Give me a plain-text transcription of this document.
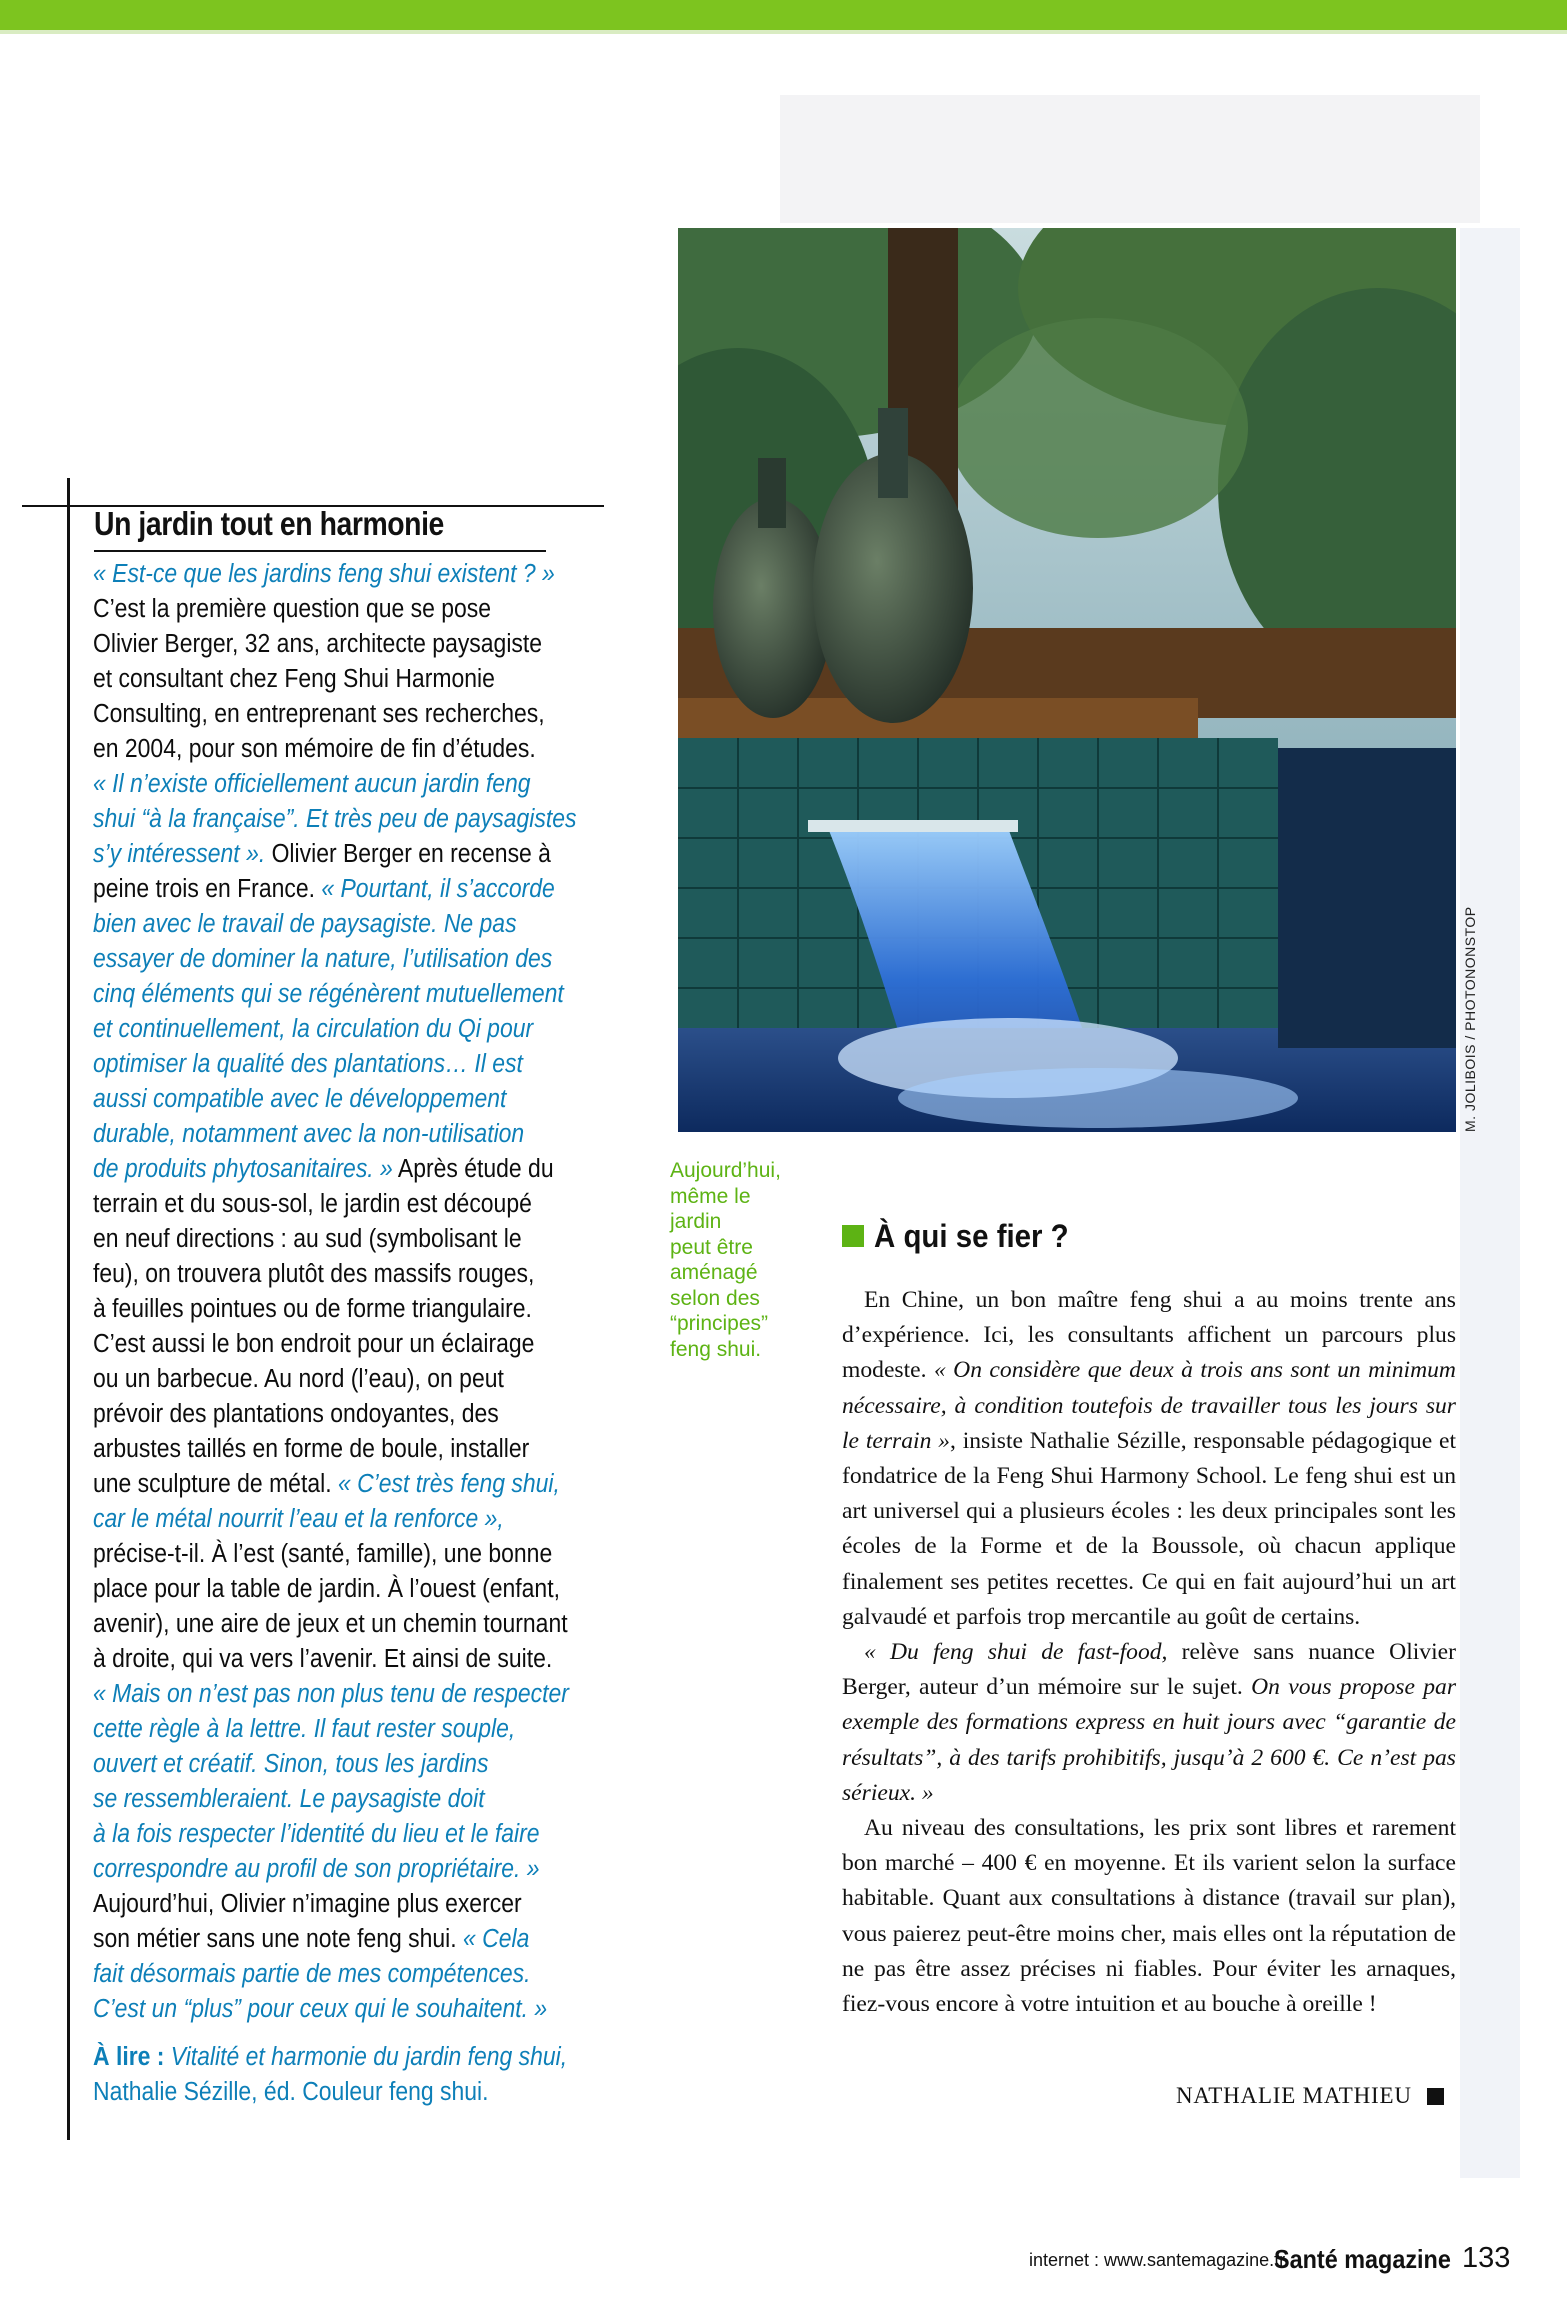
Un jardin tout en harmonie
« Est-ce que les jardins feng shui existent ? »
C’est la première question que se pose
Olivier Berger, 32 ans, architecte paysagiste
et consultant chez Feng Shui Harmonie
Consulting, en entreprenant ses recherches,
en 2004, pour son mémoire de fin d’études.
« Il n’existe officiellement aucun jardin feng
shui “à la française”. Et très peu de paysagistes
s’y intéressent ». Olivier Berger en recense à
peine trois en France. « Pourtant, il s’accorde
bien avec le travail de paysagiste. Ne pas
essayer de dominer la nature, l’utilisation des
cinq éléments qui se régénèrent mutuellement
et continuellement, la circulation du Qi pour
optimiser la qualité des plantations… Il est
aussi compatible avec le développement
durable, notamment avec la non-utilisation
de produits phytosanitaires. » Après étude du
terrain et du sous-sol, le jardin est découpé
en neuf directions : au sud (symbolisant le
feu), on trouvera plutôt des massifs rouges,
à feuilles pointues ou de forme triangulaire.
C’est aussi le bon endroit pour un éclairage
ou un barbecue. Au nord (l’eau), on peut
prévoir des plantations ondoyantes, des
arbustes taillés en forme de boule, installer
une sculpture de métal. « C’est très feng shui,
car le métal nourrit l’eau et la renforce »,
précise-t-il. À l’est (santé, famille), une bonne
place pour la table de jardin. À l’ouest (enfant,
avenir), une aire de jeux et un chemin tournant
à droite, qui va vers l’avenir. Et ainsi de suite.
« Mais on n’est pas non plus tenu de respecter
cette règle à la lettre. Il faut rester souple,
ouvert et créatif. Sinon, tous les jardins
se ressembleraient. Le paysagiste doit
à la fois respecter l’identité du lieu et le faire
correspondre au profil de son propriétaire. »
Aujourd’hui, Olivier n’imagine plus exercer
son métier sans une note feng shui. « Cela
fait désormais partie de mes compétences.
C’est un “plus” pour ceux qui le souhaitent. »

À lire : Vitalité et harmonie du jardin feng shui,
Nathalie Sézille, éd. Couleur feng shui.

M. JOLIBOIS / PHOTONONSTOP

Aujourd’hui,
même le
jardin
peut être
aménagé
selon des
“principes”
feng shui.

À qui se fier ?

En Chine, un bon maître feng shui a au moins trente ans d’expérience. Ici, les consultants affichent un parcours plus modeste. « On considère que deux à trois ans sont un minimum nécessaire, à condition toutefois de travailler tous les jours sur le terrain », insiste Nathalie Sézille, responsable pédagogique et fondatrice de la Feng Shui Harmony School. Le feng shui est un art universel qui a plusieurs écoles : les deux principales sont les écoles de la Forme et de la Boussole, où chacun applique finalement ses petites recettes. Ce qui en fait aujourd’hui un art galvaudé et parfois trop mercantile au goût de certains.

« Du feng shui de fast-food, relève sans nuance Olivier Berger, auteur d’un mémoire sur le sujet. On vous propose par exemple des formations express en huit jours avec “garantie de résultats”, à des tarifs prohibitifs, jusqu’à 2 600 €. Ce n’est pas sérieux. »

Au niveau des consultations, les prix sont libres et rarement bon marché – 400 € en moyenne. Et ils varient selon la surface habitable. Quant aux consultations à distance (travail sur plan), vous paierez peut-être moins cher, mais elles ont la réputation de ne pas être assez précises ni fiables. Pour éviter les arnaques, fiez-vous encore à votre intuition et au bouche à oreille !

NATHALIE MATHIEU

internet : www.santemagazine.fr

Santé magazine 133
